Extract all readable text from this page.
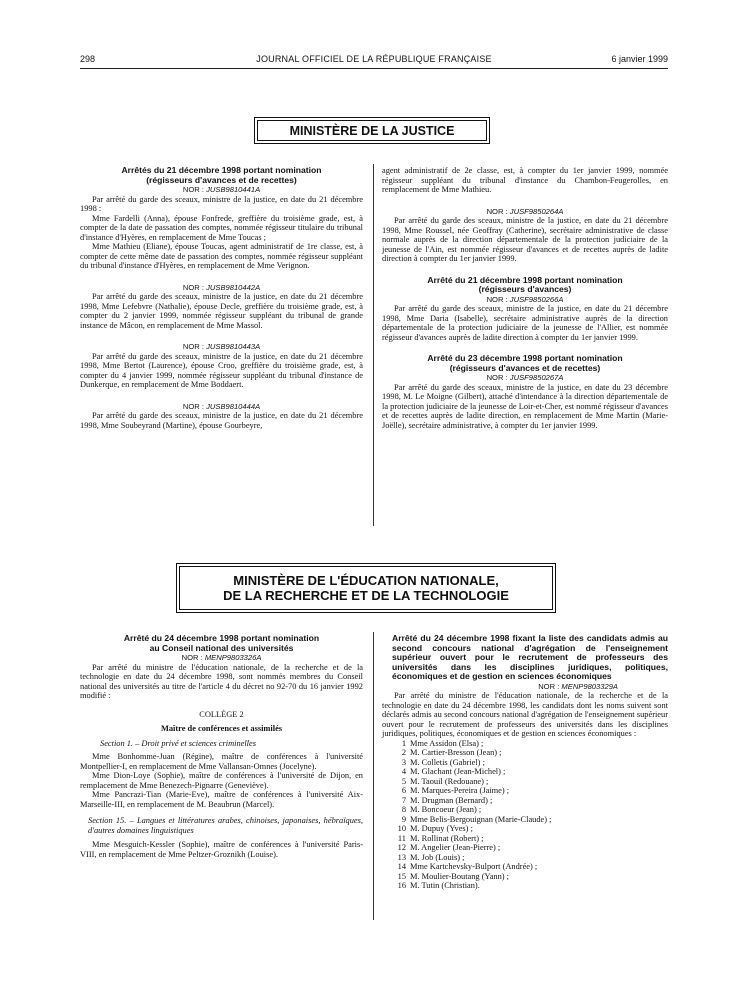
298	JOURNAL OFFICIEL DE LA RÉPUBLIQUE FRANÇAISE	6 janvier 1999
MINISTÈRE DE LA JUSTICE

Arrêtés du 21 décembre 1998 portant nomination

(régisseurs d'avances et de recettes)

NOR : JUSB9810441A

Par arrêté du garde des sceaux, ministre de la justice, en date du 21 décembre 1998 :

Mme Fardelli (Anna), épouse Fonfrede, greffière du troisième grade, est, à compter de la date de passation des comptes, nommée régisseur titulaire du tribunal d'instance d'Hyères, en remplacement de Mme Toucas ;

Mme Mathieu (Eliane), épouse Toucas, agent administratif de 1re classe, est, à compter de cette même date de passation des comptes, nommée régisseur suppléant du tribunal d'instance d'Hyères, en remplacement de Mme Verignon.

NOR : JUSB9810442A

Par arrêté du garde des sceaux, ministre de la justice, en date du 21 décembre 1998, Mme Lefebvre (Nathalie), épouse Decle, greffière du troisième grade, est, à compter du 2 janvier 1999, nommée régisseur suppléant du tribunal de grande instance de Mâcon, en remplacement de Mme Massol.

NOR : JUSB9810443A

Par arrêté du garde des sceaux, ministre de la justice, en date du 21 décembre 1998, Mme Bertot (Laurence), épouse Croo, greffière du troisième grade, est, à compter du 4 janvier 1999, nommée régisseur suppléant du tribunal d'instance de Dunkerque, en remplacement de Mme Boddaert.

NOR : JUSB9810444A

Par arrêté du garde des sceaux, ministre de la justice, en date du 21 décembre 1998, Mme Soubeyrand (Martine), épouse Gourbeyre,

agent administratif de 2e classe, est, à compter du 1er janvier 1999, nommée régisseur suppléant du tribunal d'instance du Chambon-Feugerolles, en remplacement de Mme Mathieu.

NOR : JUSF9850264A

Par arrêté du garde des sceaux, ministre de la justice, en date du 21 décembre 1998, Mme Roussel, née Geoffray (Catherine), secrétaire administrative de classe normale auprès de la direction départementale de la protection judiciaire de la jeunesse de l'Ain, est nommée régisseur d'avances et de recettes auprès de ladite direction à compter du 1er janvier 1999.

Arrêté du 21 décembre 1998 portant nomination

(régisseurs d'avances)

NOR : JUSF9850266A

Par arrêté du garde des sceaux, ministre de la justice, en date du 21 décembre 1998, Mme Daria (Isabelle), secrétaire administrative auprès de la direction départementale de la protection judiciaire de la jeunesse de l'Allier, est nommée régisseur d'avances auprès de ladite direction à compter du 1er janvier 1999.

Arrêté du 23 décembre 1998 portant nomination

(régisseurs d'avances et de recettes)

NOR : JUSF9850267A

Par arrêté du garde des sceaux, ministre de la justice, en date du 23 décembre 1998, M. Le Moigne (Gilbert), attaché d'intendance à la direction départementale de la protection judiciaire de la jeunesse de Loir-et-Cher, est nommé régisseur d'avances et de recettes auprès de ladite direction, en remplacement de Mme Martin (Marie-Joëlle), secrétaire administrative, à compter du 1er janvier 1999.

MINISTÈRE DE L'ÉDUCATION NATIONALE,
DE LA RECHERCHE ET DE LA TECHNOLOGIE

Arrêté du 24 décembre 1998 portant nomination

au Conseil national des universités

NOR : MENP9803326A

Par arrêté du ministre de l'éducation nationale, de la recherche et de la technologie en date du 24 décembre 1998, sont nommés membres du Conseil national des universités au titre de l'article 4 du décret no 92-70 du 16 janvier 1992 modifié :

COLLÈGE 2

Maître de conférences et assimilés

Section 1. – Droit privé et sciences criminelles

Mme Bonhomme-Juan (Régine), maître de conférences à l'université Montpellier-I, en remplacement de Mme Vallansan-Omnes (Jocelyne).

Mme Dion-Loye (Sophie), maître de conférences à l'université de Dijon, en remplacement de Mme Benezech-Pignarre (Geneviève).

Mme Pancrazi-Tian (Marie-Eve), maître de conférences à l'université Aix-Marseille-III, en remplacement de M. Beaubrun (Marcel).

Section 15. – Langues et littératures arabes, chinoises, japonaises, hébraïques, d'autres domaines linguistiques

Mme Mesguich-Kessler (Sophie), maître de conférences à l'université Paris-VIII, en remplacement de Mme Peltzer-Groznikh (Louise).

Arrêté du 24 décembre 1998 fixant la liste des candidats admis au second concours national d'agrégation de l'enseignement supérieur ouvert pour le recrutement de professeurs des universités dans les disciplines juridiques, politiques, économiques et de gestion en sciences économiques

NOR : MENP9803329A

Par arrêté du ministre de l'éducation nationale, de la recherche et de la technologie en date du 24 décembre 1998, les candidats dont les noms suivent sont déclarés admis au second concours national d'agrégation de l'enseignement supérieur ouvert pour le recrutement de professeurs des universités dans les disciplines juridiques, politiques, économiques et de gestion en sciences économiques :

1 Mme Assidon (Elsa) ;
2 M. Cartier-Bresson (Jean) ;
3 M. Colletis (Gabriel) ;
4 M. Glachant (Jean-Michel) ;
5 M. Taouil (Redouane) ;
6 M. Marques-Pereira (Jaime) ;
7 M. Drugman (Bernard) ;
8 M. Boncoeur (Jean) ;
9 Mme Belis-Bergouignan (Marie-Claude) ;
10 M. Dupuy (Yves) ;
11 M. Rollinat (Robert) ;
12 M. Angelier (Jean-Pierre) ;
13 M. Job (Louis) ;
14 Mme Kartchevsky-Bulport (Andrée) ;
15 M. Moulier-Boutang (Yann) ;
16 M. Tutin (Christian).
